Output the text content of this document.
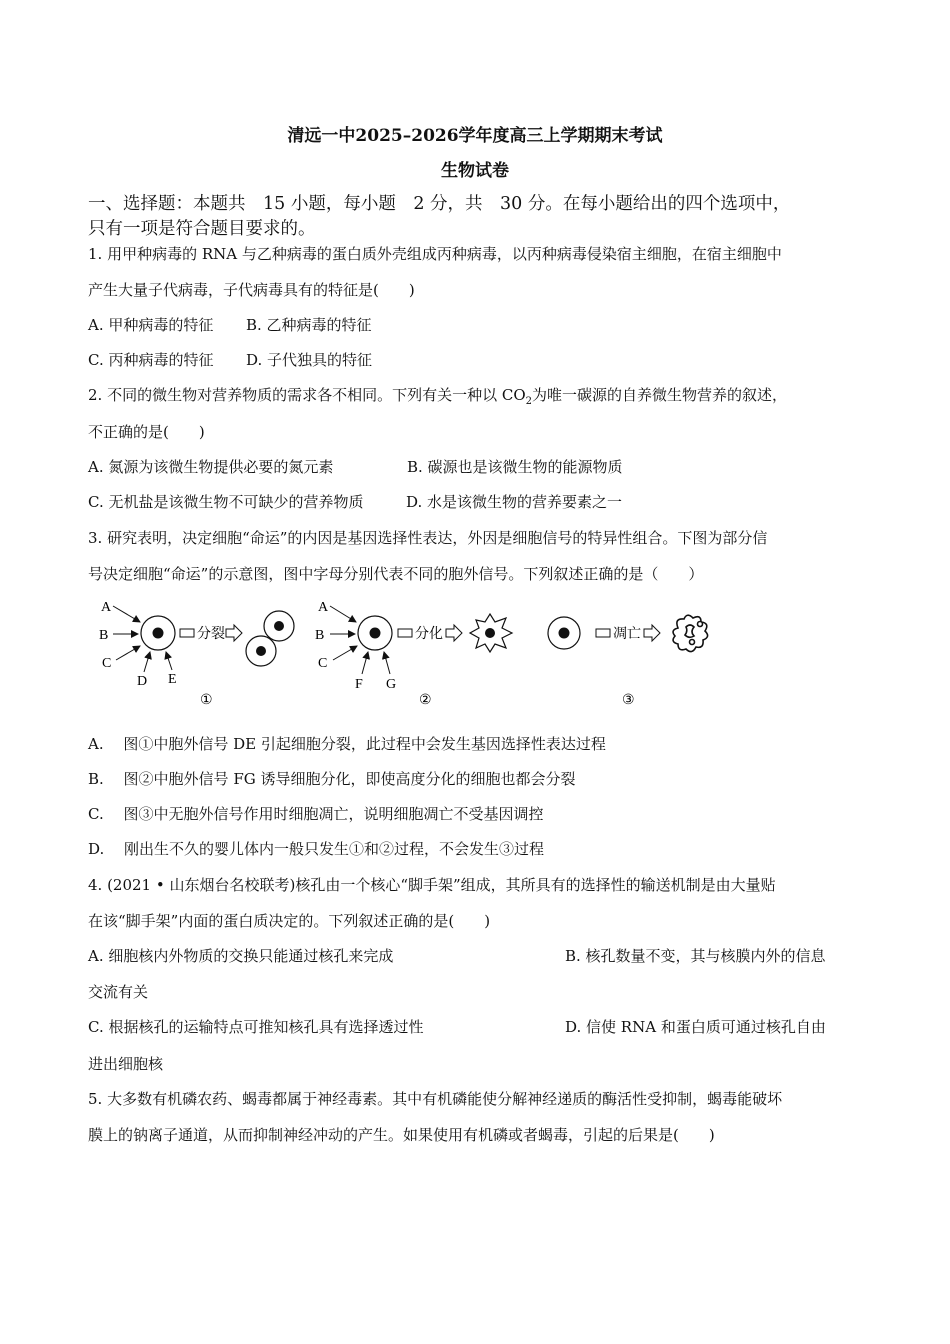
清远一中2025–2026学年度高三上学期期末考试
生物试卷
一、选择题：本题共　15 小题，每小题　2 分，共　30 分。在每小题给出的四个选项中，
只有一项是符合题目要求的。
1. 用甲种病毒的 RNA 与乙种病毒的蛋白质外壳组成丙种病毒，以丙种病毒侵染宿主细胞，在宿主细胞中
产生大量子代病毒，子代病毒具有的特征是(　　)
A. 甲种病毒的特征 B. 乙种病毒的特征
C. 丙种病毒的特征 D. 子代独具的特征
2. 不同的微生物对营养物质的需求各不相同。下列有关一种以 $CO_2$为唯一碳源的自养微生物营养的叙述，
不正确的是(　　)
A. 氮源为该微生物提供必要的氮元素	B. 碳源也是该微生物的能源物质
C. 无机盐是该微生物不可缺少的营养物质	D. 水是该微生物的营养要素之一
3. 研究表明，决定细胞“命运”的内因是基因选择性表达，外因是细胞信号的特异性组合。下图为部分信
号决定细胞“命运”的示意图，图中字母分别代表不同的胞外信号。下列叙述正确的是（　　）
A
B
C
D E
分裂
①
A
B
C
F G
分化
②
凋亡
③
A.　 图①中胞外信号 DE 引起细胞分裂，此过程中会发生基因选择性表达过程
B.　 图②中胞外信号 FG 诱导细胞分化，即使高度分化的细胞也都会分裂
C.　 图③中无胞外信号作用时细胞凋亡，说明细胞凋亡不受基因调控
D.　 刚出生不久的婴儿体内一般只发生①和②过程，不会发生③过程
4. (2021 • 山东烟台名校联考)核孔由一个核心“脚手架”组成，其所具有的选择性的输送机制是由大量贴
在该“脚手架”内面的蛋白质决定的。下列叙述正确的是(　　)
A. 细胞核内外物质的交换只能通过核孔来完成	B. 核孔数量不变，其与核膜内外的信息
交流有关
C. 根据核孔的运输特点可推知核孔具有选择透过性	D. 信使 RNA 和蛋白质可通过核孔自由
进出细胞核
5. 大多数有机磷农药、蝎毒都属于神经毒素。其中有机磷能使分解神经递质的酶活性受抑制，蝎毒能破坏
膜上的钠离子通道，从而抑制神经冲动的产生。如果使用有机磷或者蝎毒，引起的后果是(　　)
